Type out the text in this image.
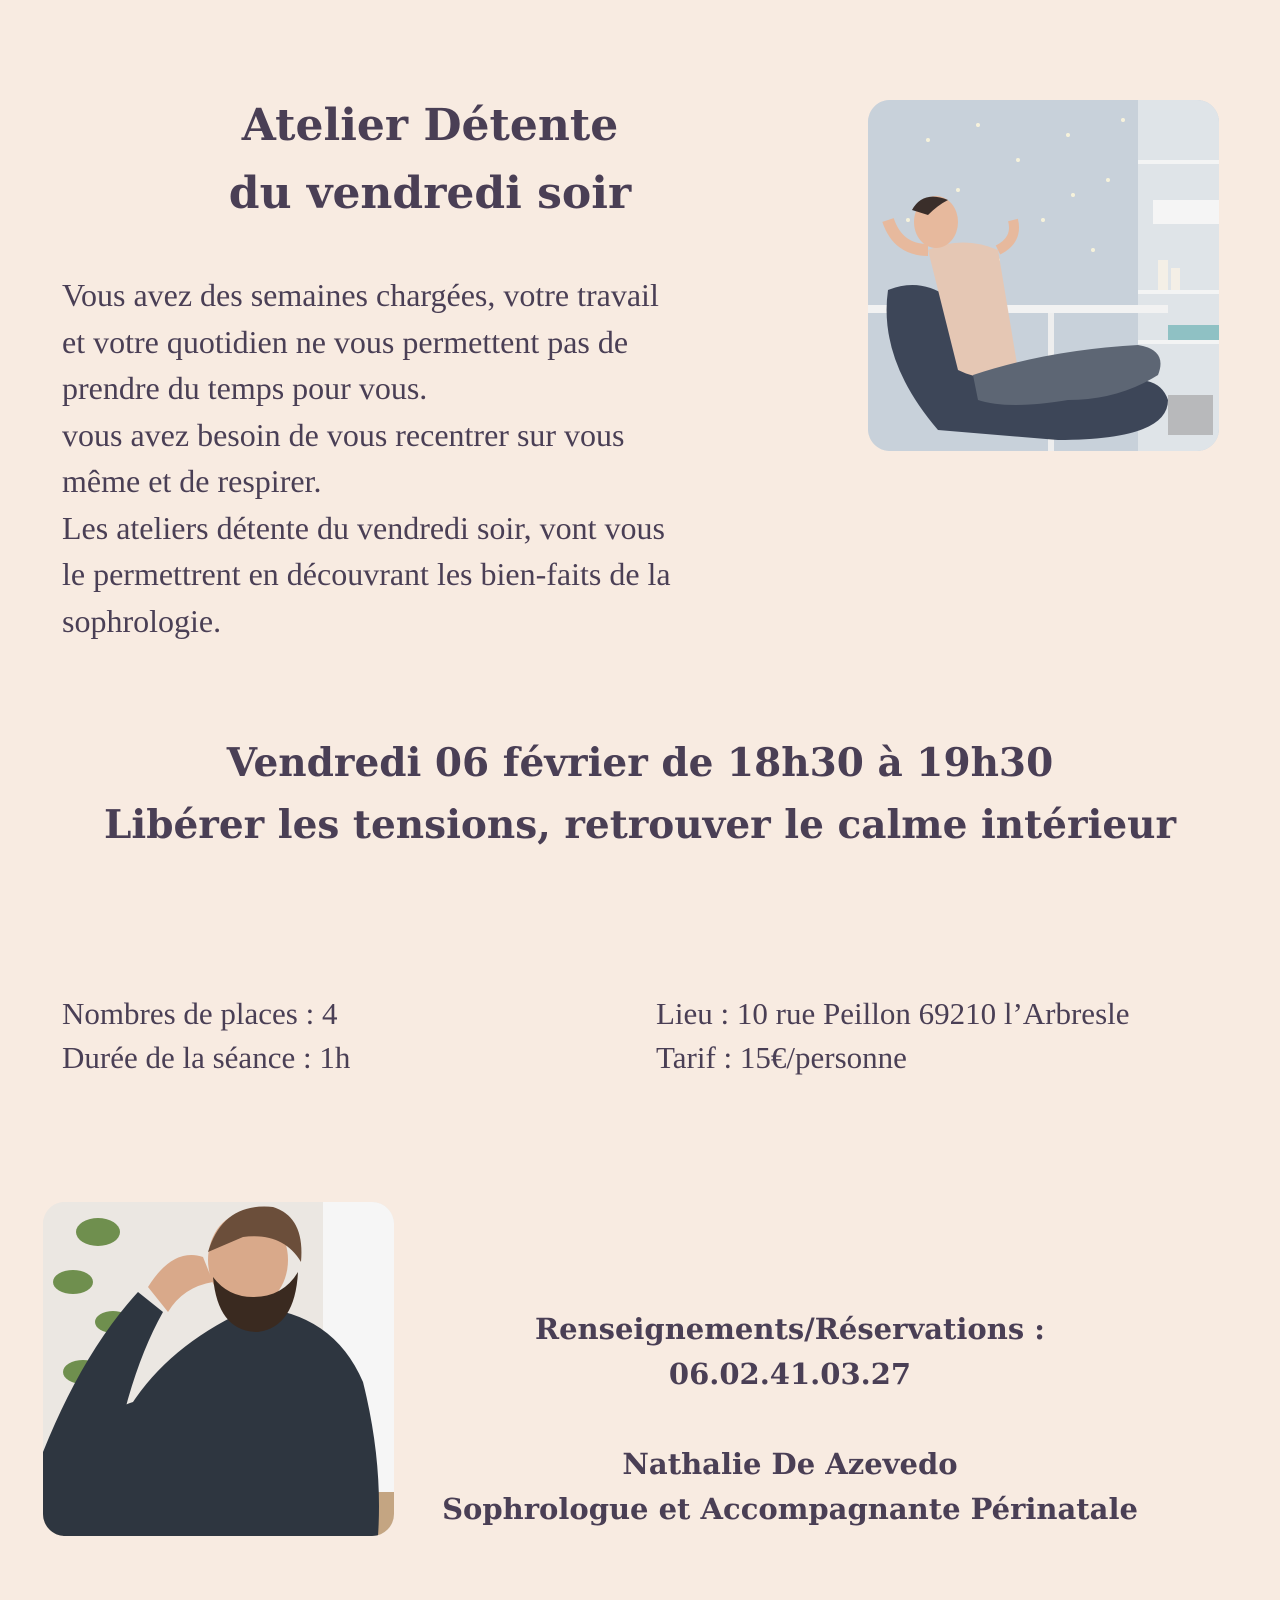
Atelier Détente
du vendredi soir

Vous avez des semaines chargées, votre travail

et votre quotidien ne vous permettent pas de

prendre du temps pour vous.

vous avez besoin de vous recentrer sur vous

même et de respirer.

Les ateliers détente du vendredi soir, vont vous

le permettrent en découvrant les bien-faits de la

sophrologie.

Vendredi 06 février de 18h30 à 19h30
Libérer les tensions, retrouver le calme intérieur
Nombres de places : 4
Durée de la séance : 1h
Lieu : 10 rue Peillon 69210 l’Arbresle
Tarif : 15€/personne
Renseignements/Réservations :
06.02.41.03.27
Nathalie De Azevedo
Sophrologue et Accompagnante Périnatale
